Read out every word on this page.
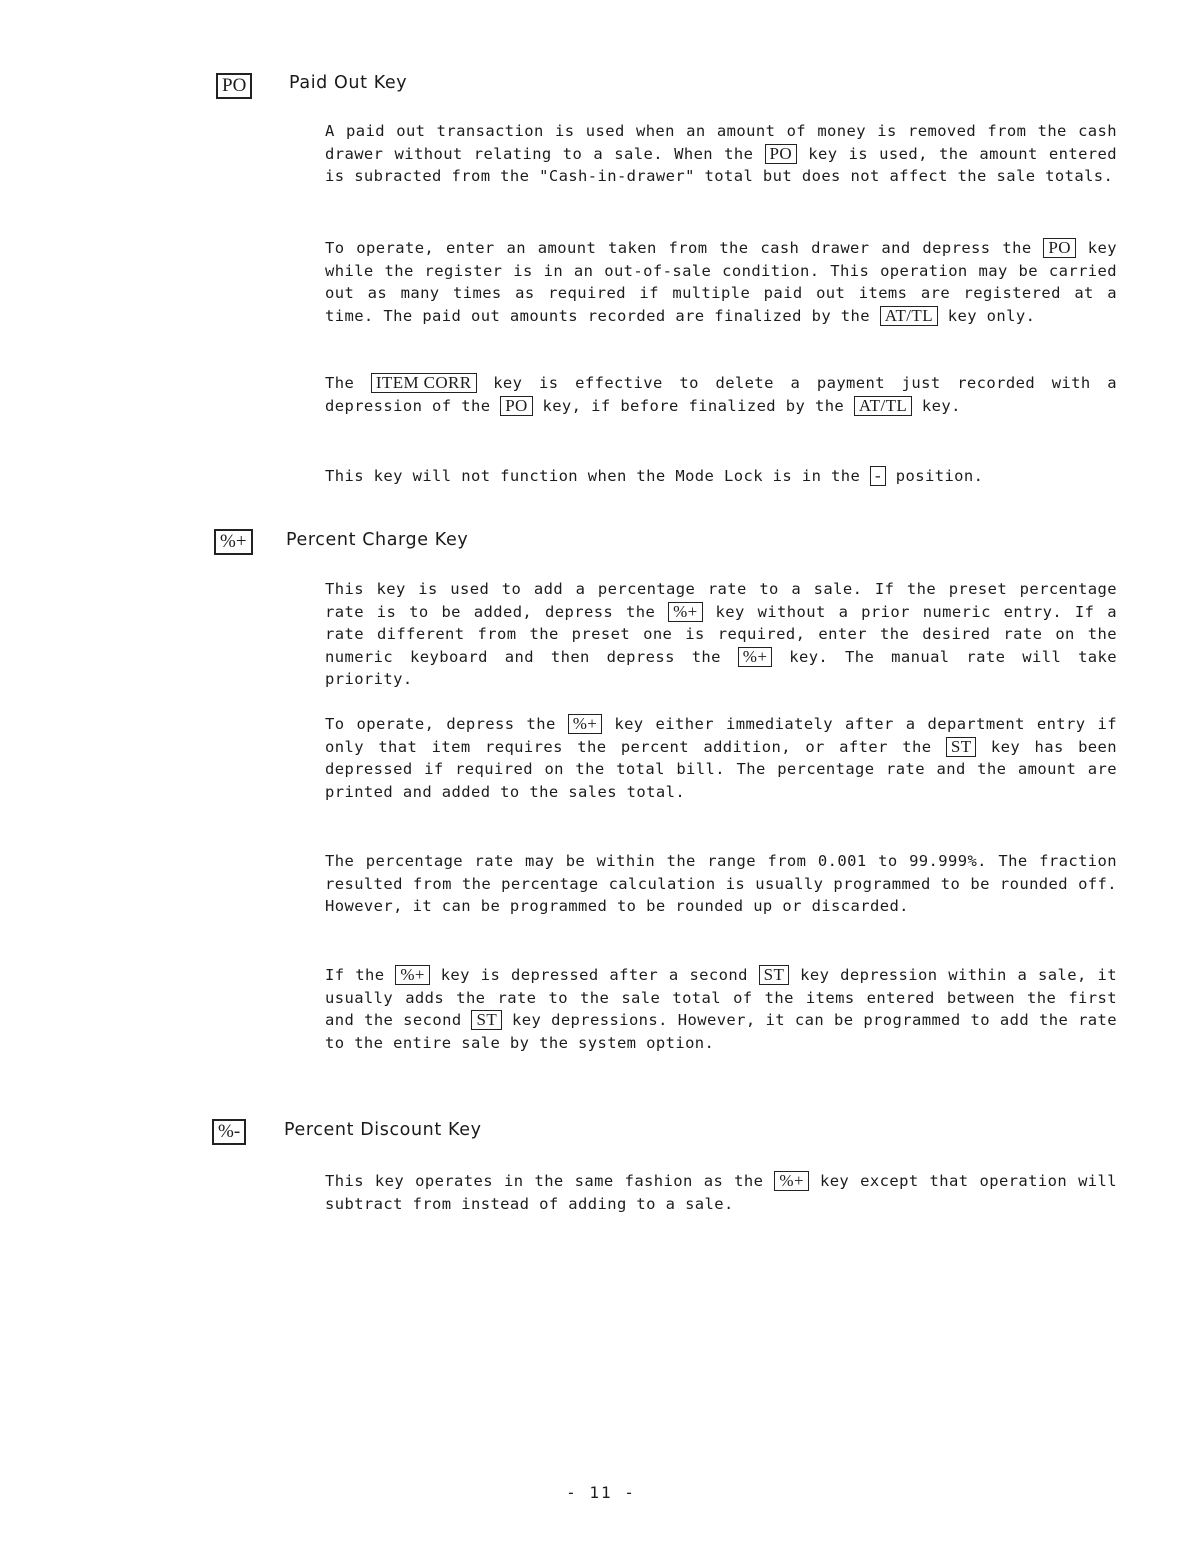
PO	Paid Out Key

A paid out transaction is used when an amount of money is removed from the cash drawer without relating to a sale. When the PO key is used, the amount entered is subracted from the "Cash-in-drawer" total but does not affect the sale totals.

To operate, enter an amount taken from the cash drawer and depress the PO key while the register is in an out-of-sale condition. This operation may be carried out as many times as required if multiple paid out items are registered at a time. The paid out amounts recorded are finalized by the AT/TL key only.

The ITEM CORR key is effective to delete a payment just recorded with a depression of the PO key, if before finalized by the AT/TL key.

This key will not function when the Mode Lock is in the - position.

%+	Percent Charge Key

This key is used to add a percentage rate to a sale. If the preset percentage rate is to be added, depress the %+ key without a prior numeric entry. If a rate different from the preset one is required, enter the desired rate on the numeric keyboard and then depress the %+ key. The manual rate will take priority.

To operate, depress the %+ key either immediately after a department entry if only that item requires the percent addition, or after the ST key has been depressed if required on the total bill. The percentage rate and the amount are printed and added to the sales total.

The percentage rate may be within the range from 0.001 to 99.999%. The fraction resulted from the percentage calculation is usually programmed to be rounded off. However, it can be programmed to be rounded up or discarded.

If the %+ key is depressed after a second ST key depression within a sale, it usually adds the rate to the sale total of the items entered between the first and the second ST key depressions. However, it can be programmed to add the rate to the entire sale by the system option.

%-	Percent Discount Key

This key operates in the same fashion as the %+ key except that operation will subtract from instead of adding to a sale.

- 11 -
